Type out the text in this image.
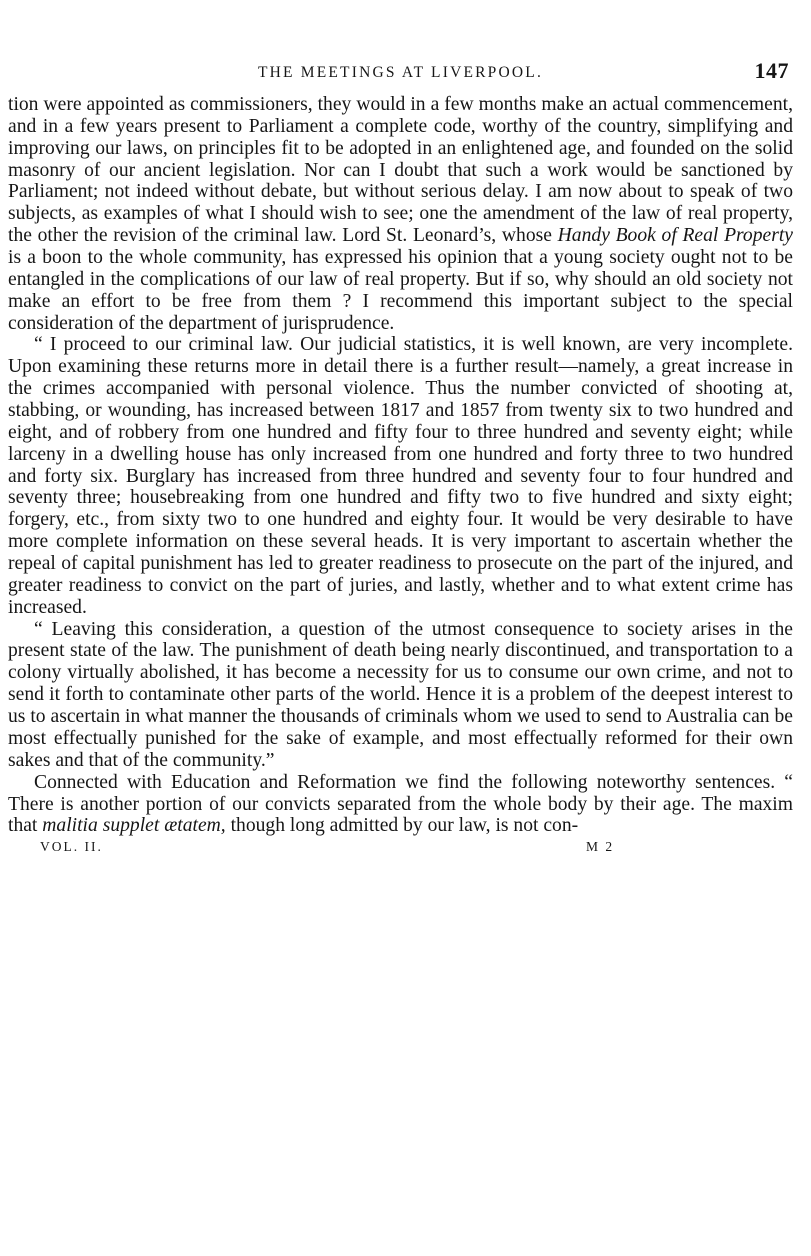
THE MEETINGS AT LIVERPOOL.	147

tion were appointed as commissioners, they would in a few months make an actual commencement, and in a few years present to Parliament a complete code, worthy of the country, simplifying and improving our laws, on principles fit to be adopted in an enlightened age, and founded on the solid masonry of our ancient legislation. Nor can I doubt that such a work would be sanctioned by Parliament; not indeed without debate, but without serious delay. I am now about to speak of two subjects, as examples of what I should wish to see; one the amendment of the law of real property, the other the revision of the criminal law. Lord St. Leonard’s, whose Handy Book of Real Property is a boon to the whole community, has expressed his opinion that a young society ought not to be entangled in the complications of our law of real property. But if so, why should an old society not make an effort to be free from them ? I recommend this important subject to the special consideration of the department of jurisprudence.

“ I proceed to our criminal law. Our judicial statistics, it is well known, are very incomplete. Upon examining these returns more in detail there is a further result—namely, a great increase in the crimes accompanied with personal violence. Thus the number convicted of shooting at, stabbing, or wounding, has increased between 1817 and 1857 from twenty six to two hundred and eight, and of robbery from one hundred and fifty four to three hundred and seventy eight; while larceny in a dwelling house has only increased from one hundred and forty three to two hundred and forty six. Burglary has increased from three hundred and seventy four to four hundred and seventy three; housebreaking from one hundred and fifty two to five hundred and sixty eight; forgery, etc., from sixty two to one hundred and eighty four. It would be very desirable to have more complete information on these several heads. It is very important to ascertain whether the repeal of capital punishment has led to greater readiness to prosecute on the part of the injured, and greater readiness to convict on the part of juries, and lastly, whether and to what extent crime has increased.

“ Leaving this consideration, a question of the utmost consequence to society arises in the present state of the law. The punishment of death being nearly discontinued, and transportation to a colony virtually abolished, it has become a necessity for us to consume our own crime, and not to send it forth to contaminate other parts of the world. Hence it is a problem of the deepest interest to us to ascertain in what manner the thousands of criminals whom we used to send to Australia can be most effectually punished for the sake of example, and most effectually reformed for their own sakes and that of the community.”

Connected with Education and Reformation we find the following noteworthy sentences. “ There is another portion of our convicts separated from the whole body by their age. The maxim that malitia supplet ætatem, though long admitted by our law, is not con-

VOL. II.	M 2
